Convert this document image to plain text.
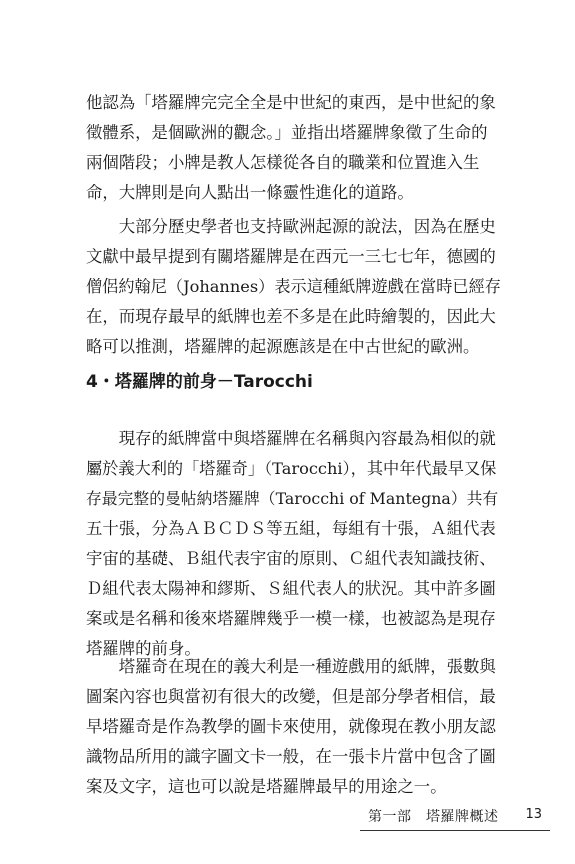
他認為「塔羅牌完完全全是中世紀的東西，是中世紀的象
徵體系，是個歐洲的觀念。」並指出塔羅牌象徵了生命的
兩個階段；小牌是教人怎樣從各自的職業和位置進入生
命，大牌則是向人點出一條靈性進化的道路。
　　大部分歷史學者也支持歐洲起源的說法，因為在歷史
文獻中最早提到有關塔羅牌是在西元一三七七年，德國的
僧侶約翰尼（Johannes）表示這種紙牌遊戲在當時已經存
在，而現存最早的紙牌也差不多是在此時繪製的，因此大
略可以推測，塔羅牌的起源應該是在中古世紀的歐洲。
4・塔羅牌的前身－Tarocchi
　　現存的紙牌當中與塔羅牌在名稱與內容最為相似的就
屬於義大利的「塔羅奇」（Tarocchi），其中年代最早又保
存最完整的曼帖納塔羅牌（Tarocchi of Mantegna）共有
五十張，分為ＡＢＣＤＳ等五組，每組有十張，Ａ組代表
宇宙的基礎、Ｂ組代表宇宙的原則、Ｃ組代表知識技術、
Ｄ組代表太陽神和繆斯、Ｓ組代表人的狀況。其中許多圖
案或是名稱和後來塔羅牌幾乎一模一樣，也被認為是現存
塔羅牌的前身。
　　塔羅奇在現在的義大利是一種遊戲用的紙牌，張數與
圖案內容也與當初有很大的改變，但是部分學者相信，最
早塔羅奇是作為教學的圖卡來使用，就像現在教小朋友認
識物品所用的識字圖文卡一般，在一張卡片當中包含了圖
案及文字，這也可以說是塔羅牌最早的用途之一。
第一部　塔羅牌概述 13
